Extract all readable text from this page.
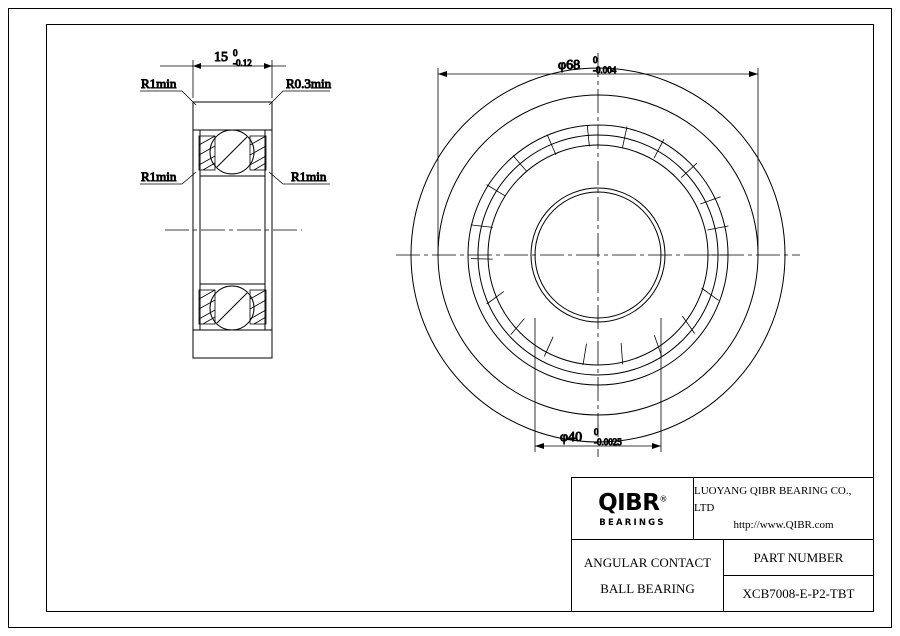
15 0
-0.12
R1min	R0.3min
R1min	R1min
φ68 0
-0.004
φ40 0
-0.0025
QIBR®
BEARINGS
LUOYANG QIBR BEARING CO., LTD
http://www.QIBR.com
ANGULAR CONTACT
BALL BEARING
PART NUMBER
XCB7008-E-P2-TBT
